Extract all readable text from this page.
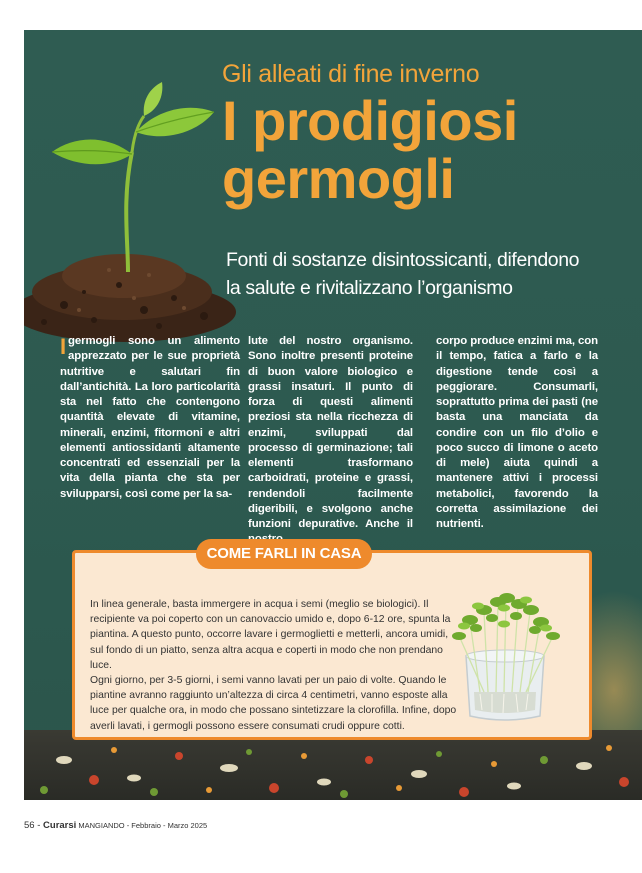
Gli alleati di fine inverno
I prodigiosi
germogli
Fonti di sostanze disintossicanti, difendono
la salute e rivitalizzano l’organismo

Igermogli sono un alimento apprezzato per le sue proprietà nutritive e salutari fin dall’antichità. La loro particolarità sta nel fatto che contengono quantità elevate di vitamine, minerali, enzimi, fitormoni e altri elementi antiossidanti altamente concentrati ed essenziali per la vita della pianta che sta per svilupparsi, così come per la sa-

lute del nostro organismo. Sono inoltre presenti proteine di buon valore biologico e grassi insaturi. Il punto di forza di questi alimenti preziosi sta nella ricchezza di enzimi, sviluppati dal processo di germinazione; tali elementi trasformano carboidrati, proteine e grassi, rendendoli facilmente digeribili, e svolgono anche funzioni depurative. Anche il

corpo produce enzimi ma, con il tempo, fatica a farlo e la digestione tende così a peggiorare. Consumarli, soprattutto prima dei pasti (ne basta una manciata da condire con un filo d’olio e poco succo di limone o aceto di mele) aiuta quindi a mantenere attivi i processi metabolici, favorendo la corretta assimilazione dei nutrienti.

COME FARLI IN CASA

In linea generale, basta immergere in acqua i semi (meglio se biologici). Il recipiente va poi coperto con un canovaccio umido e, dopo 6-12 ore, spunta la piantina. A questo punto, occorre lavare i germoglietti e metterli, ancora umidi, sul fondo di un piatto, senza altra acqua e coperti in modo che non prendano luce.

Ogni giorno, per 3-5 giorni, i semi vanno lavati per un paio di volte. Quando le piantine avranno raggiunto un’altezza di circa 4 centimetri, vanno esposte alla luce per qualche ora, in modo che possano sintetizzare la clorofilla. Infine, dopo averli lavati, i germogli possono essere consumati crudi oppure cotti.

56 - Curarsi MANGIANDO - Febbraio - Marzo 2025
